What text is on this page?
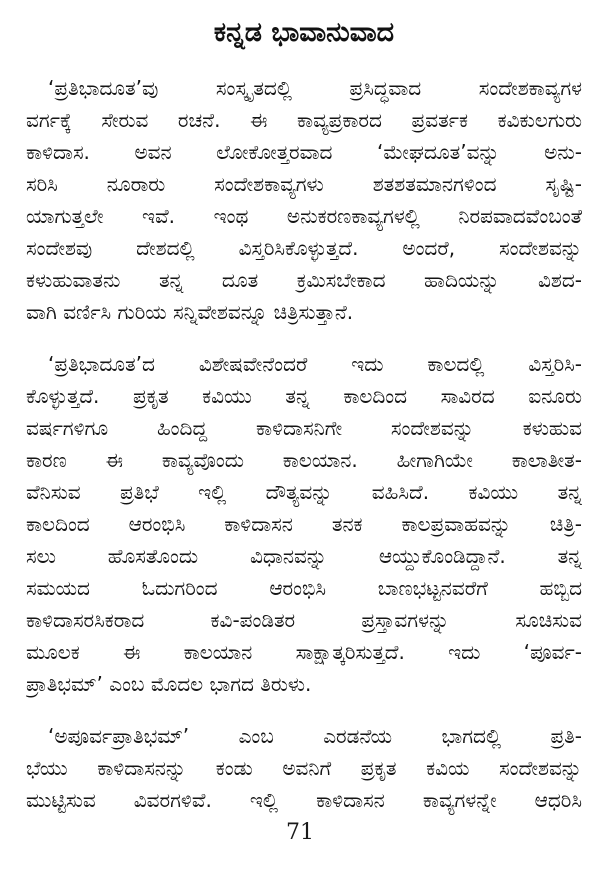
ಕನ್ನಡ ಭಾವಾನುವಾದ

‘ಪ್ರತಿಭಾದೂತ’ವು ಸಂಸ್ಕೃತದಲ್ಲಿ ಪ್ರಸಿದ್ಧವಾದ ಸಂದೇಶಕಾವ್ಯಗಳ
ವರ್ಗಕ್ಕೆ ಸೇರುವ ರಚನೆ. ಈ ಕಾವ್ಯಪ್ರಕಾರದ ಪ್ರವರ್ತಕ ಕವಿಕುಲಗುರು
ಕಾಳಿದಾಸ. ಅವನ ಲೋಕೋತ್ತರವಾದ ‘ಮೇಘದೂತ’ವನ್ನು ಅನು-
ಸರಿಸಿ ನೂರಾರು ಸಂದೇಶಕಾವ್ಯಗಳು ಶತಶತಮಾನಗಳಿಂದ ಸೃಷ್ಟಿ-
ಯಾಗುತ್ತಲೇ ಇವೆ. ಇಂಥ ಅನುಕರಣಕಾವ್ಯಗಳಲ್ಲಿ ನಿರಪವಾದವೆಂಬಂತೆ
ಸಂದೇಶವು ದೇಶದಲ್ಲಿ ವಿಸ್ತರಿಸಿಕೊಳ್ಳುತ್ತದೆ. ಅಂದರೆ, ಸಂದೇಶವನ್ನು
ಕಳುಹುವಾತನು ತನ್ನ ದೂತ ಕ್ರಮಿಸಬೇಕಾದ ಹಾದಿಯನ್ನು ವಿಶದ-
ವಾಗಿ ವರ್ಣಿಸಿ ಗುರಿಯ ಸನ್ನಿವೇಶವನ್ನೂ ಚಿತ್ರಿಸುತ್ತಾನೆ.

‘ಪ್ರತಿಭಾದೂತ’ದ ವಿಶೇಷವೇನೆಂದರೆ ಇದು ಕಾಲದಲ್ಲಿ ವಿಸ್ತರಿಸಿ-
ಕೊಳ್ಳುತ್ತದೆ. ಪ್ರಕೃತ ಕವಿಯು ತನ್ನ ಕಾಲದಿಂದ ಸಾವಿರದ ಐನೂರು
ವರ್ಷಗಳಿಗೂ ಹಿಂದಿದ್ದ ಕಾಳಿದಾಸನಿಗೇ ಸಂದೇಶವನ್ನು ಕಳುಹುವ
ಕಾರಣ ಈ ಕಾವ್ಯವೊಂದು ಕಾಲಯಾನ. ಹೀಗಾಗಿಯೇ ಕಾಲಾತೀತ-
ವೆನಿಸುವ ಪ್ರತಿಭೆ ಇಲ್ಲಿ ದೌತ್ಯವನ್ನು ವಹಿಸಿದೆ. ಕವಿಯು ತನ್ನ
ಕಾಲದಿಂದ ಆರಂಭಿಸಿ ಕಾಳಿದಾಸನ ತನಕ ಕಾಲಪ್ರವಾಹವನ್ನು ಚಿತ್ರಿ-
ಸಲು ಹೊಸತೊಂದು ವಿಧಾನವನ್ನು ಆಯ್ದುಕೊಂಡಿದ್ದಾನೆ. ತನ್ನ
ಸಮಯದ ಓದುಗರಿಂದ ಆರಂಭಿಸಿ ಬಾಣಭಟ್ಟನವರೆಗೆ ಹಬ್ಬಿದ
ಕಾಳಿದಾಸರಸಿಕರಾದ ಕವಿ-ಪಂಡಿತರ ಪ್ರಸ್ತಾವಗಳನ್ನು ಸೂಚಿಸುವ
ಮೂಲಕ ಈ ಕಾಲಯಾನ ಸಾಕ್ಷಾತ್ಕರಿಸುತ್ತದೆ. ಇದು ‘ಪೂರ್ವ-
ಪ್ರಾತಿಭಮ್’ ಎಂಬ ಮೊದಲ ಭಾಗದ ತಿರುಳು.

‘ಅಪೂರ್ವಪ್ರಾತಿಭಮ್’ ಎಂಬ ಎರಡನೆಯ ಭಾಗದಲ್ಲಿ ಪ್ರತಿ-
ಭೆಯು ಕಾಳಿದಾಸನನ್ನು ಕಂಡು ಅವನಿಗೆ ಪ್ರಕೃತ ಕವಿಯ ಸಂದೇಶವನ್ನು
ಮುಟ್ಟಿಸುವ ವಿವರಗಳಿವೆ. ಇಲ್ಲಿ ಕಾಳಿದಾಸನ ಕಾವ್ಯಗಳನ್ನೇ ಆಧರಿಸಿ

71
